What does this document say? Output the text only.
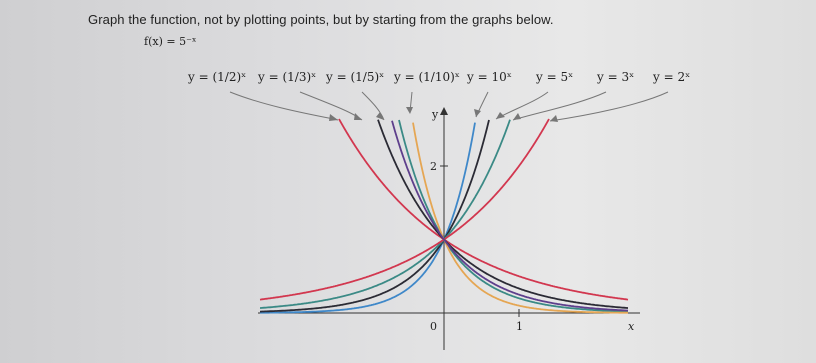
Graph the function, not by plotting points, but by starting from the graphs below.
f(x) = 5⁻ˣ
y = (1/2)ˣ y = (1/3)ˣ y = (1/5)ˣ y = (1/10)ˣ y = 10ˣ y = 5ˣ y = 3ˣ y = 2ˣ
y
2
0	1	x
